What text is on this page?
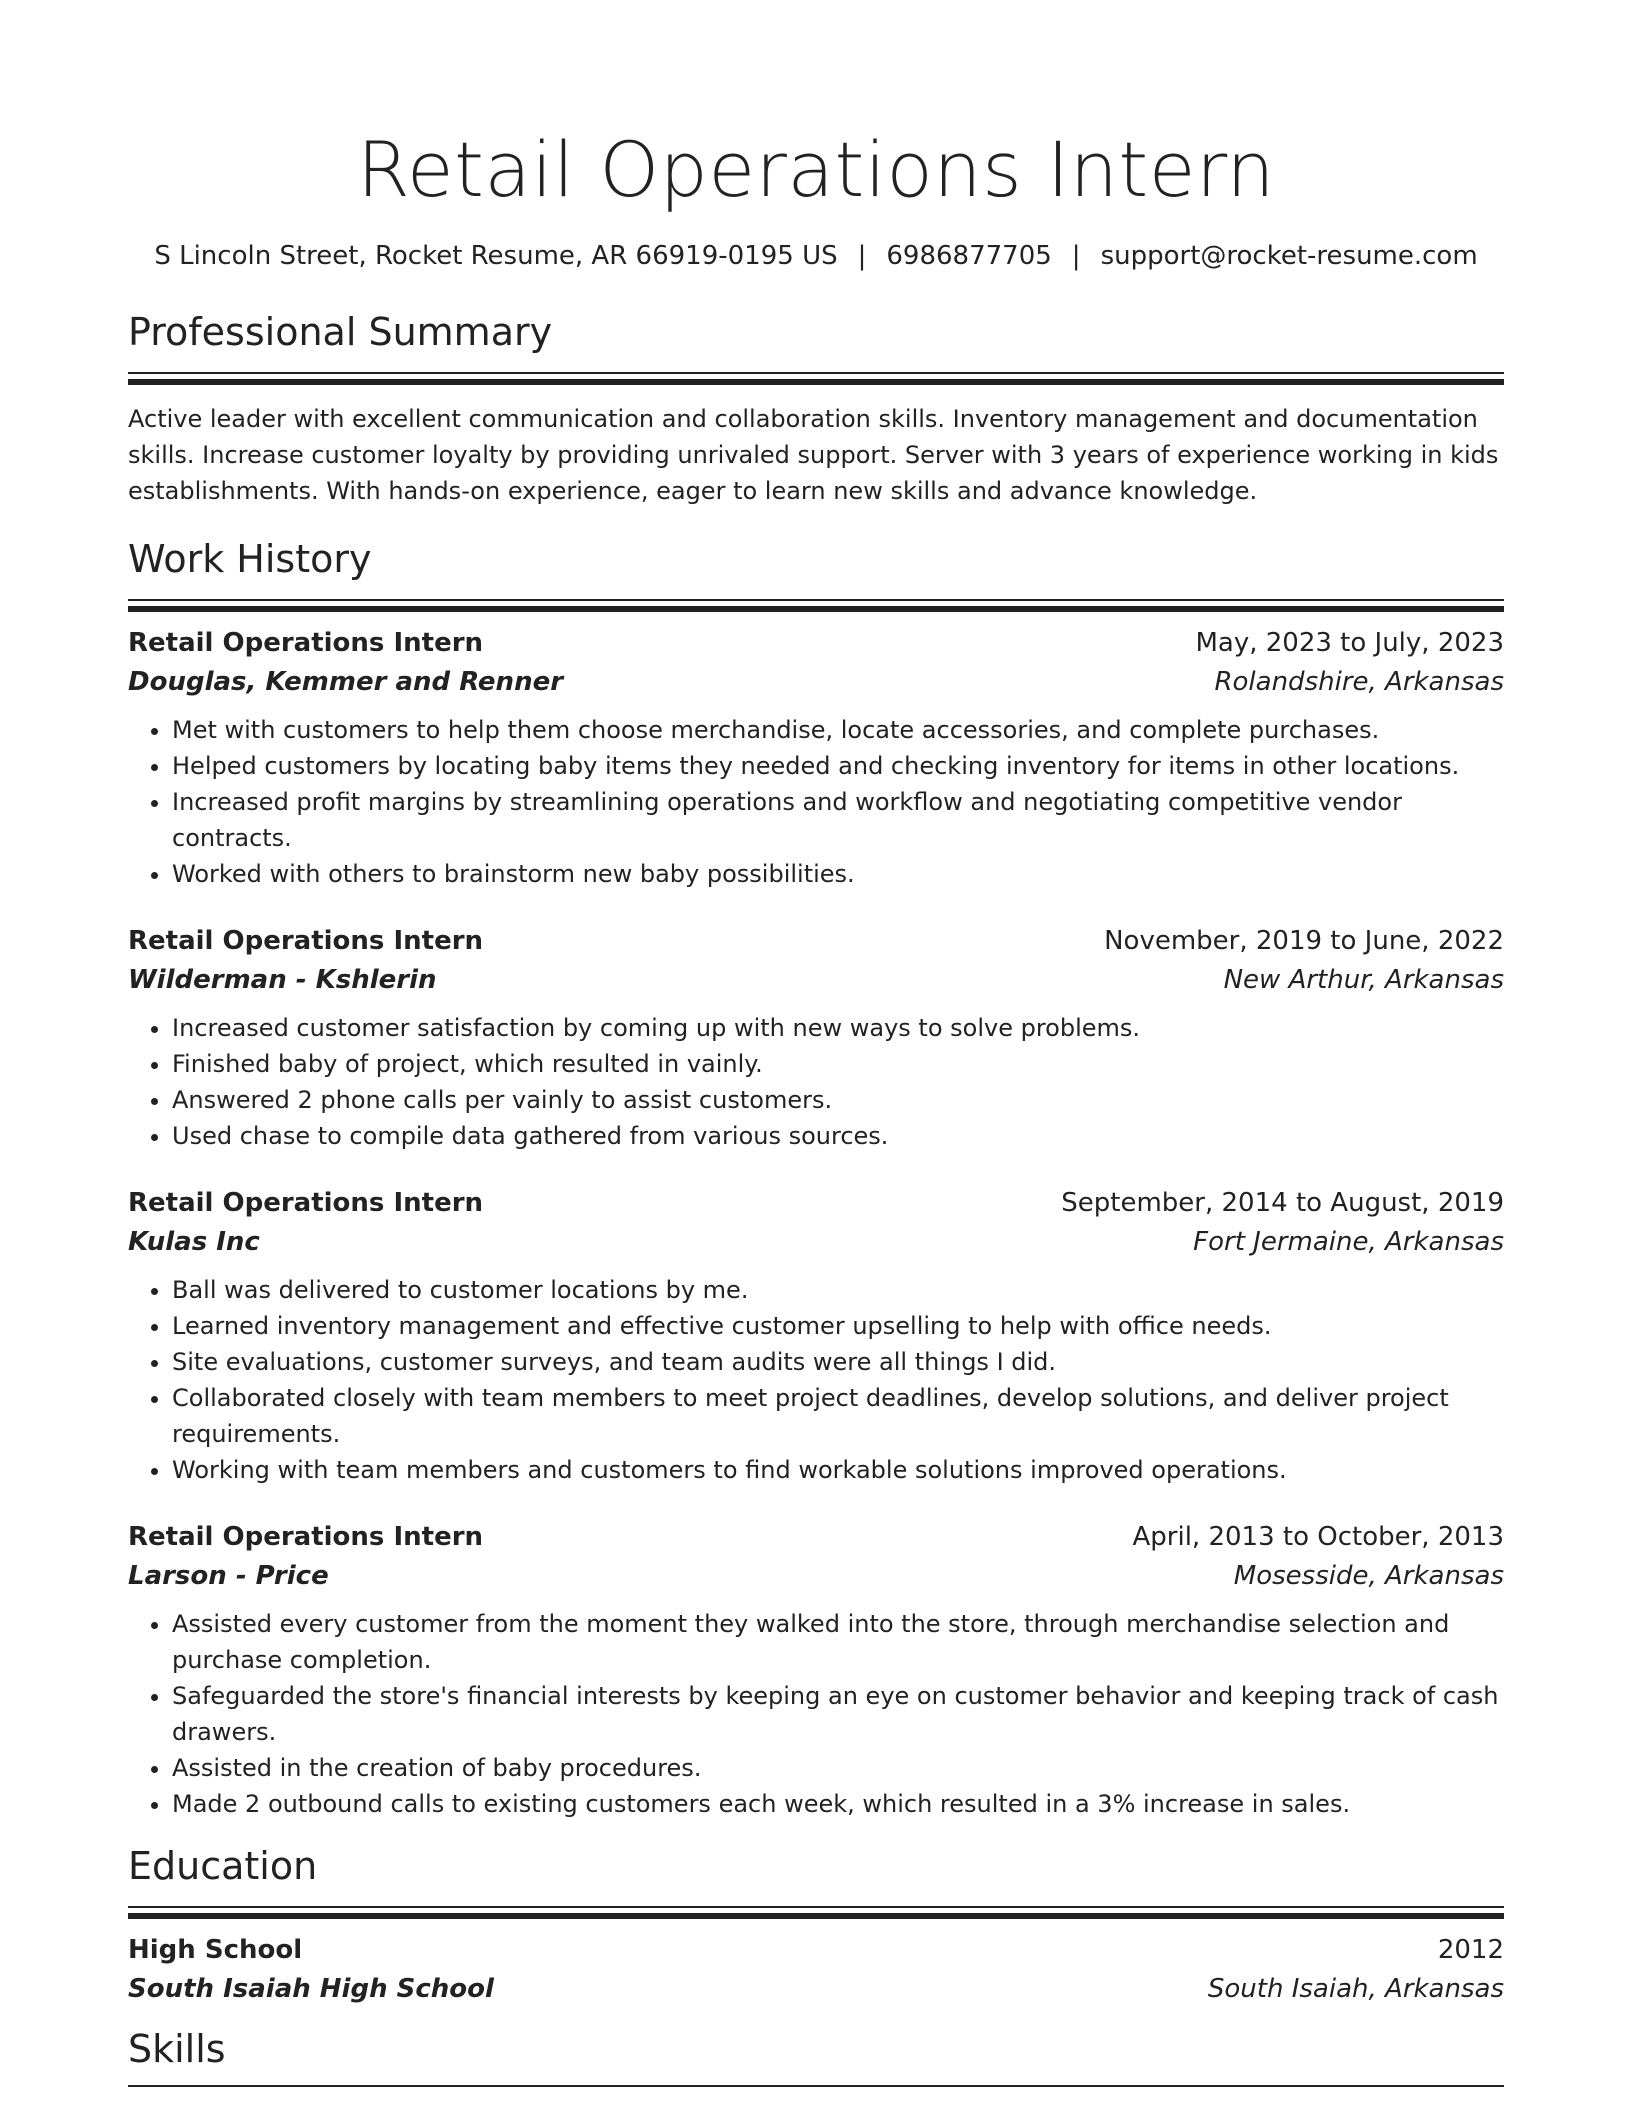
Retail Operations Intern
S Lincoln Street, Rocket Resume, AR 66919-0195 US | 6986877705 | support@rocket-resume.com
Professional Summary

Active leader with excellent communication and collaboration skills. Inventory management and documentation skills. Increase customer loyalty by providing unrivaled support. Server with 3 years of experience working in kids establishments. With hands-on experience, eager to learn new skills and advance knowledge.

Work History
Retail Operations Intern	May, 2023 to July, 2023
Douglas, Kemmer and Renner	Rolandshire, Arkansas
• Met with customers to help them choose merchandise, locate accessories, and complete purchases.
• Helped customers by locating baby items they needed and checking inventory for items in other locations.
• Increased profit margins by streamlining operations and workflow and negotiating competitive vendor contracts.
• Worked with others to brainstorm new baby possibilities.
Retail Operations Intern	November, 2019 to June, 2022
Wilderman - Kshlerin	New Arthur, Arkansas
• Increased customer satisfaction by coming up with new ways to solve problems.
• Finished baby of project, which resulted in vainly.
• Answered 2 phone calls per vainly to assist customers.
• Used chase to compile data gathered from various sources.
Retail Operations Intern	September, 2014 to August, 2019
Kulas Inc	Fort Jermaine, Arkansas
• Ball was delivered to customer locations by me.
• Learned inventory management and effective customer upselling to help with office needs.
• Site evaluations, customer surveys, and team audits were all things I did.
• Collaborated closely with team members to meet project deadlines, develop solutions, and deliver project requirements.
• Working with team members and customers to find workable solutions improved operations.
Retail Operations Intern	April, 2013 to October, 2013
Larson - Price	Mosesside, Arkansas
• Assisted every customer from the moment they walked into the store, through merchandise selection and purchase completion.
• Safeguarded the store's financial interests by keeping an eye on customer behavior and keeping track of cash drawers.
• Assisted in the creation of baby procedures.
• Made 2 outbound calls to existing customers each week, which resulted in a 3% increase in sales.
Education
High School	2012
South Isaiah High School	South Isaiah, Arkansas
Skills
